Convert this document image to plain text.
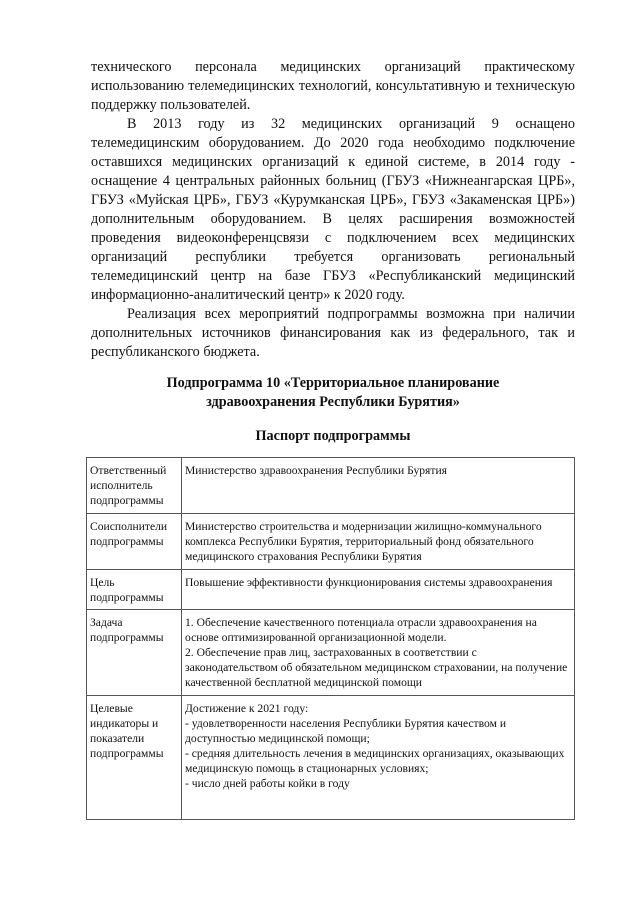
технического персонала медицинских организаций практическому использованию телемедицинских технологий, консультативную и техническую поддержку пользователей.

В 2013 году из 32 медицинских организаций 9 оснащено телемедицинским оборудованием. До 2020 года необходимо подключение оставшихся медицинских организаций к единой системе, в 2014 году - оснащение 4 центральных районных больниц (ГБУЗ «Нижнеангарская ЦРБ», ГБУЗ «Муйская ЦРБ», ГБУЗ «Курумканская ЦРБ», ГБУЗ «Закаменская ЦРБ») дополнительным оборудованием. В целях расширения возможностей проведения видеоконференцсвязи с подключением всех медицинских организаций республики требуется организовать региональный телемедицинский центр на базе ГБУЗ «Республиканский медицинский информационно-аналитический центр» к 2020 году.

Реализация всех мероприятий подпрограммы возможна при наличии дополнительных источников финансирования как из федерального, так и республиканского бюджета.

Подпрограмма 10 «Территориальное планирование
здравоохранения Республики Бурятия»
Паспорт подпрограммы
Ответственный исполнитель подпрограммы	Министерство здравоохранения Республики Бурятия

Соисполнители подпрограммы	Министерство строительства и модернизации жилищно-коммунального комплекса Республики Бурятия, территориальный фонд обязательного медицинского страхования Республики Бурятия

Цель подпрограммы	Повышение эффективности функционирования системы здравоохранения

Задача подпрограммы	1. Обеспечение качественного потенциала отрасли здравоохранения на основе оптимизированной организационной модели.
2. Обеспечение прав лиц, застрахованных в соответствии с законодательством об обязательном медицинском страховании, на получение качественной бесплатной медицинской помощи

Целевые индикаторы и показатели подпрограммы	Достижение к 2021 году:
- удовлетворенности населения Республики Бурятия качеством и доступностью медицинской помощи;
- средняя длительность лечения в медицинских организациях, оказывающих медицинскую помощь в стационарных условиях;
- число дней работы койки в году
